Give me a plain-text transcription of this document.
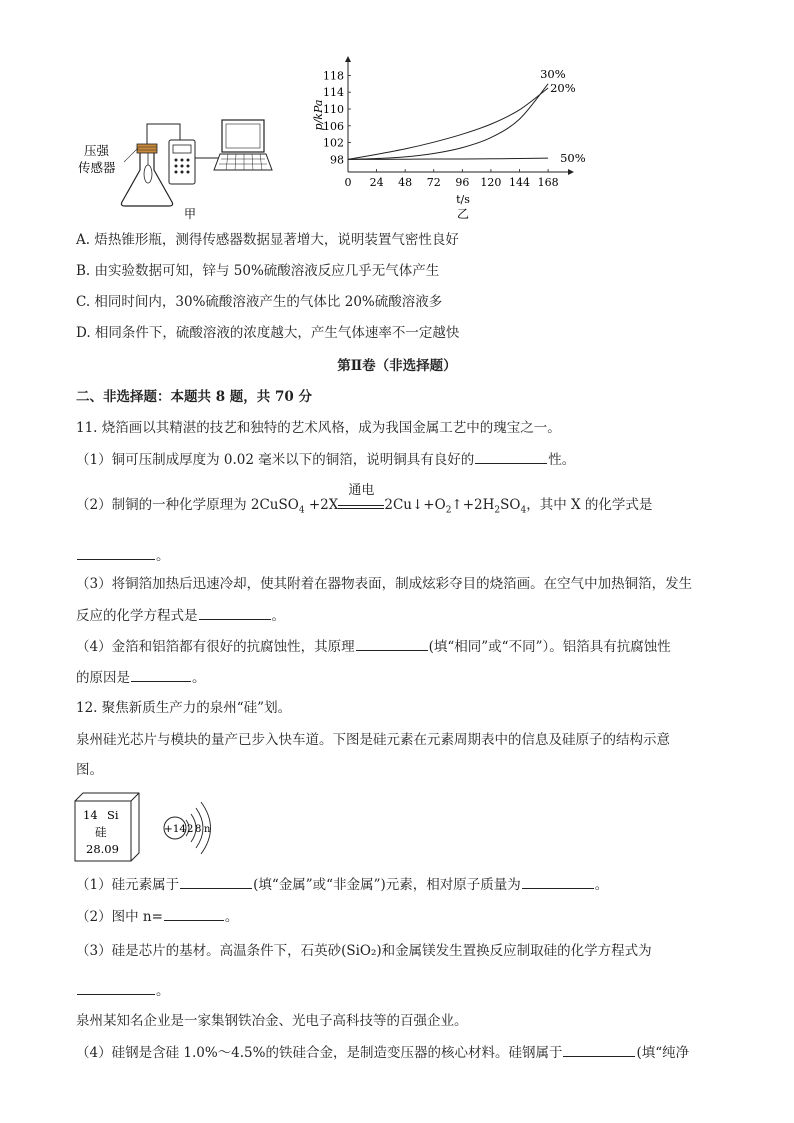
压强
传感器
甲
0 24 48 72 96 120 144 168
98
102
106
110
114
118	30%
20%
50%
p/kPa
t/s
乙
A. 焐热锥形瓶，测得传感器数据显著增大，说明装置气密性良好
B. 由实验数据可知，锌与 50%硫酸溶液反应几乎无气体产生
C. 相同时间内，30%硫酸溶液产生的气体比 20%硫酸溶液多
D. 相同条件下，硫酸溶液的浓度越大，产生气体速率不一定越快
第Ⅱ卷（非选择题）
二、非选择题：本题共 8 题，共 70 分
11. 烧箔画以其精湛的技艺和独特的艺术风格，成为我国金属工艺中的瑰宝之一。
（1）铜可压制成厚度为 0.02 毫米以下的铜箔，说明铜具有良好的	性。
（2）制铜的一种化学原理为 2CuSO$_4$ +2X
通电
$2Cu↓+O_2↑+2H_2SO_4$，其中 X 的化学式是
。
（3）将铜箔加热后迅速冷却，使其附着在器物表面，制成炫彩夺目的烧箔画。在空气中加热铜箔，发生
反应的化学方程式是	。
（4）金箔和铝箔都有很好的抗腐蚀性，其原理	(填“相同”或“不同”）。铝箔具有抗腐蚀性
的原因是	。
12. 聚焦新质生产力的泉州“硅”划。
泉州硅光芯片与模块的量产已步入快车道。下图是硅元素在元素周期表中的信息及硅原子的结构示意
图。
14 Si
硅
28.09
+14 2 8 n
（1）硅元素属于	(填“金属”或“非金属”)元素，相对原子质量为	。
（2）图中 n=	。
（3）硅是芯片的基材。高温条件下，石英砂(SiO₂)和金属镁发生置换反应制取硅的化学方程式为
。
泉州某知名企业是一家集钢铁冶金、光电子高科技等的百强企业。
（4）硅钢是含硅 1.0%～4.5%的铁硅合金，是制造变压器的核心材料。硅钢属于	(填“纯净
